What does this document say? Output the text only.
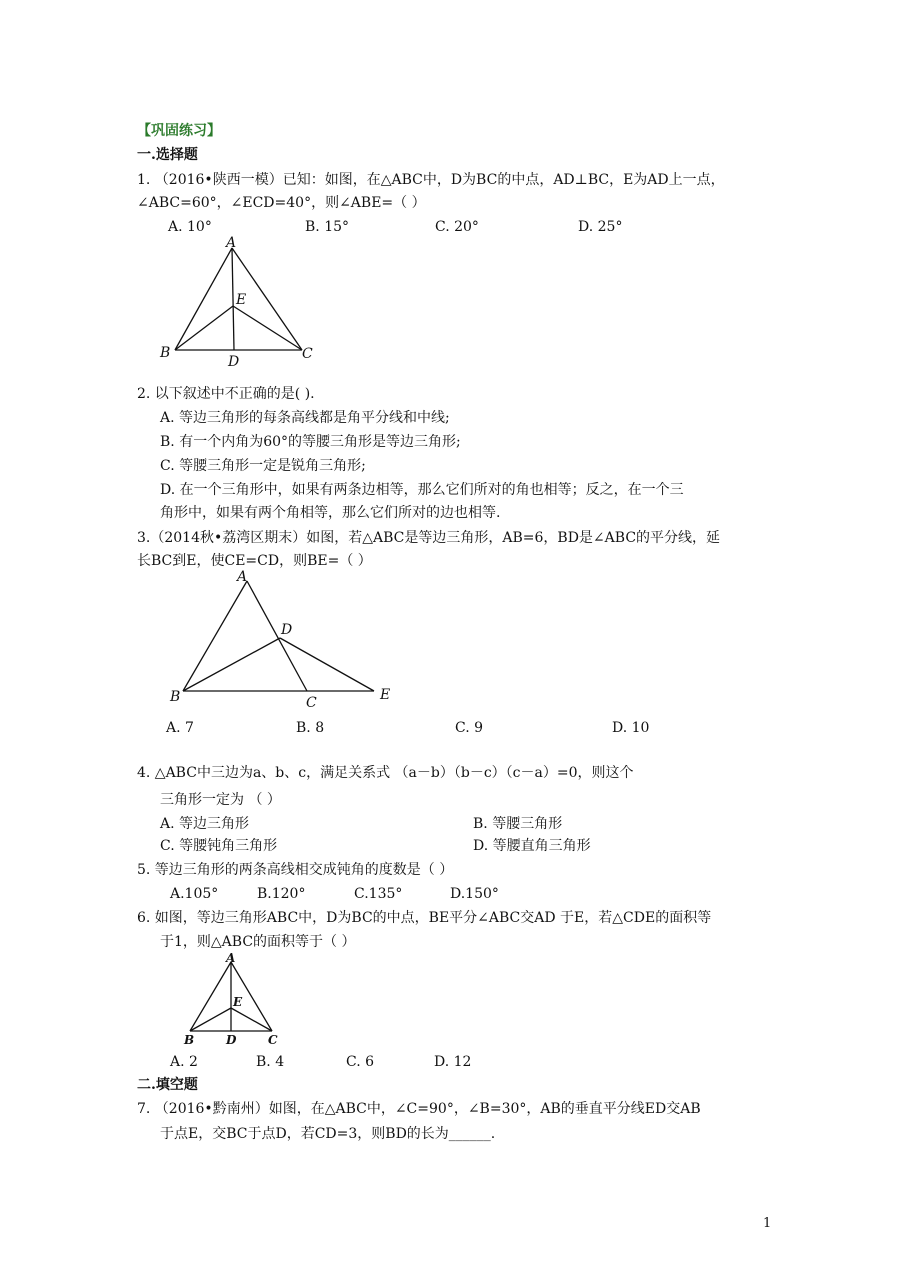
【巩固练习】
一.选择题
1. （2016•陕西一模）已知：如图，在△ABC中，D为BC的中点，AD⊥BC，E为AD上一点，
∠ABC=60°，∠ECD=40°，则∠ABE=（ ）
A. 10°	B. 15°	C. 20°	D. 25°
A
E
B
D	C
2. 以下叙述中不正确的是( ).
A. 等边三角形的每条高线都是角平分线和中线;
B. 有一个内角为60°的等腰三角形是等边三角形;
C. 等腰三角形一定是锐角三角形;
D. 在一个三角形中，如果有两条边相等，那么它们所对的角也相等；反之，在一个三
角形中，如果有两个角相等，那么它们所对的边也相等.
3.（2014秋•荔湾区期末）如图，若△ABC是等边三角形，AB=6，BD是∠ABC的平分线，延
长BC到E，使CE=CD，则BE=（ ）
A
D
B	C	E
A. 7	B. 8	C. 9	D. 10
4. △ABC中三边为a、b、c，满足关系式 （a－b）（b－c）（c－a）=0，则这个
三角形一定为 （ ）
A. 等边三角形	B. 等腰三角形
C. 等腰钝角三角形	D. 等腰直角三角形
5. 等边三角形的两条高线相交成钝角的度数是（ ）
A.105°	B.120°	C.135°	D.150°
6. 如图，等边三角形ABC中，D为BC的中点，BE平分∠ABC交AD 于E，若△CDE的面积等
于1，则△ABC的面积等于（ ）
A
E
B	D	C
A. 2	B. 4	C. 6	D. 12
二.填空题
7. （2016•黔南州）如图，在△ABC中，∠C=90°，∠B=30°，AB的垂直平分线ED交AB
于点E，交BC于点D，若CD=3，则BD的长为______.
1
